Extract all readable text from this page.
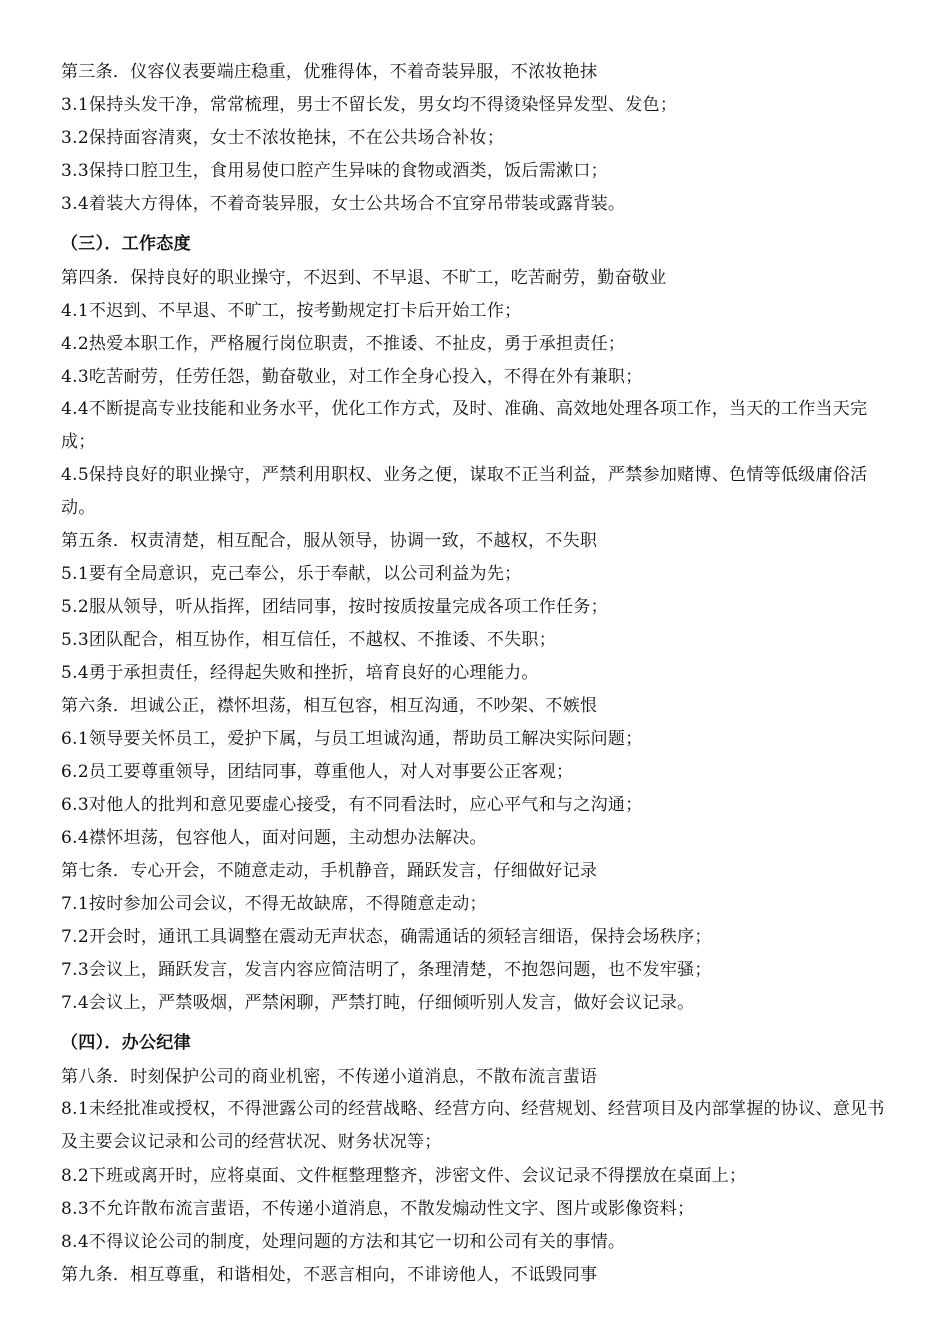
第三条．仪容仪表要端庄稳重，优雅得体，不着奇装异服，不浓妆艳抹
3.1保持头发干净，常常梳理，男士不留长发，男女均不得烫染怪异发型、发色；
3.2保持面容清爽，女士不浓妆艳抹，不在公共场合补妆；
3.3保持口腔卫生，食用易使口腔产生异味的食物或酒类，饭后需漱口；
3.4着装大方得体，不着奇装异服，女士公共场合不宜穿吊带装或露背装。
（三）．工作态度
第四条．保持良好的职业操守，不迟到、不早退、不旷工，吃苦耐劳，勤奋敬业
4.1不迟到、不早退、不旷工，按考勤规定打卡后开始工作；
4.2热爱本职工作，严格履行岗位职责，不推诿、不扯皮，勇于承担责任；
4.3吃苦耐劳，任劳任怨，勤奋敬业，对工作全身心投入，不得在外有兼职；
4.4不断提高专业技能和业务水平，优化工作方式，及时、准确、高效地处理各项工作，当天的工作当天完成；
4.5保持良好的职业操守，严禁利用职权、业务之便，谋取不正当利益，严禁参加赌博、色情等低级庸俗活动。
第五条．权责清楚，相互配合，服从领导，协调一致，不越权，不失职
5.1要有全局意识，克己奉公，乐于奉献，以公司利益为先；
5.2服从领导，听从指挥，团结同事，按时按质按量完成各项工作任务；
5.3团队配合，相互协作，相互信任，不越权、不推诿、不失职；
5.4勇于承担责任，经得起失败和挫折，培育良好的心理能力。
第六条．坦诚公正，襟怀坦荡，相互包容，相互沟通，不吵架、不嫉恨
6.1领导要关怀员工，爱护下属，与员工坦诚沟通，帮助员工解决实际问题；
6.2员工要尊重领导，团结同事，尊重他人，对人对事要公正客观；
6.3对他人的批判和意见要虚心接受，有不同看法时，应心平气和与之沟通；
6.4襟怀坦荡，包容他人，面对问题，主动想办法解决。
第七条．专心开会，不随意走动，手机静音，踊跃发言，仔细做好记录
7.1按时参加公司会议，不得无故缺席，不得随意走动；
7.2开会时，通讯工具调整在震动无声状态，确需通话的须轻言细语，保持会场秩序；
7.3会议上，踊跃发言，发言内容应简洁明了，条理清楚，不抱怨问题，也不发牢骚；
7.4会议上，严禁吸烟，严禁闲聊，严禁打盹，仔细倾听别人发言，做好会议记录。
（四）．办公纪律
第八条．时刻保护公司的商业机密，不传递小道消息，不散布流言蜚语
8.1未经批准或授权，不得泄露公司的经营战略、经营方向、经营规划、经营项目及内部掌握的协议、意见书及主要会议记录和公司的经营状况、财务状况等；
8.2下班或离开时，应将桌面、文件框整理整齐，涉密文件、会议记录不得摆放在桌面上；
8.3不允许散布流言蜚语，不传递小道消息，不散发煽动性文字、图片或影像资料；
8.4不得议论公司的制度，处理问题的方法和其它一切和公司有关的事情。
第九条．相互尊重，和谐相处，不恶言相向，不诽谤他人，不诋毁同事
